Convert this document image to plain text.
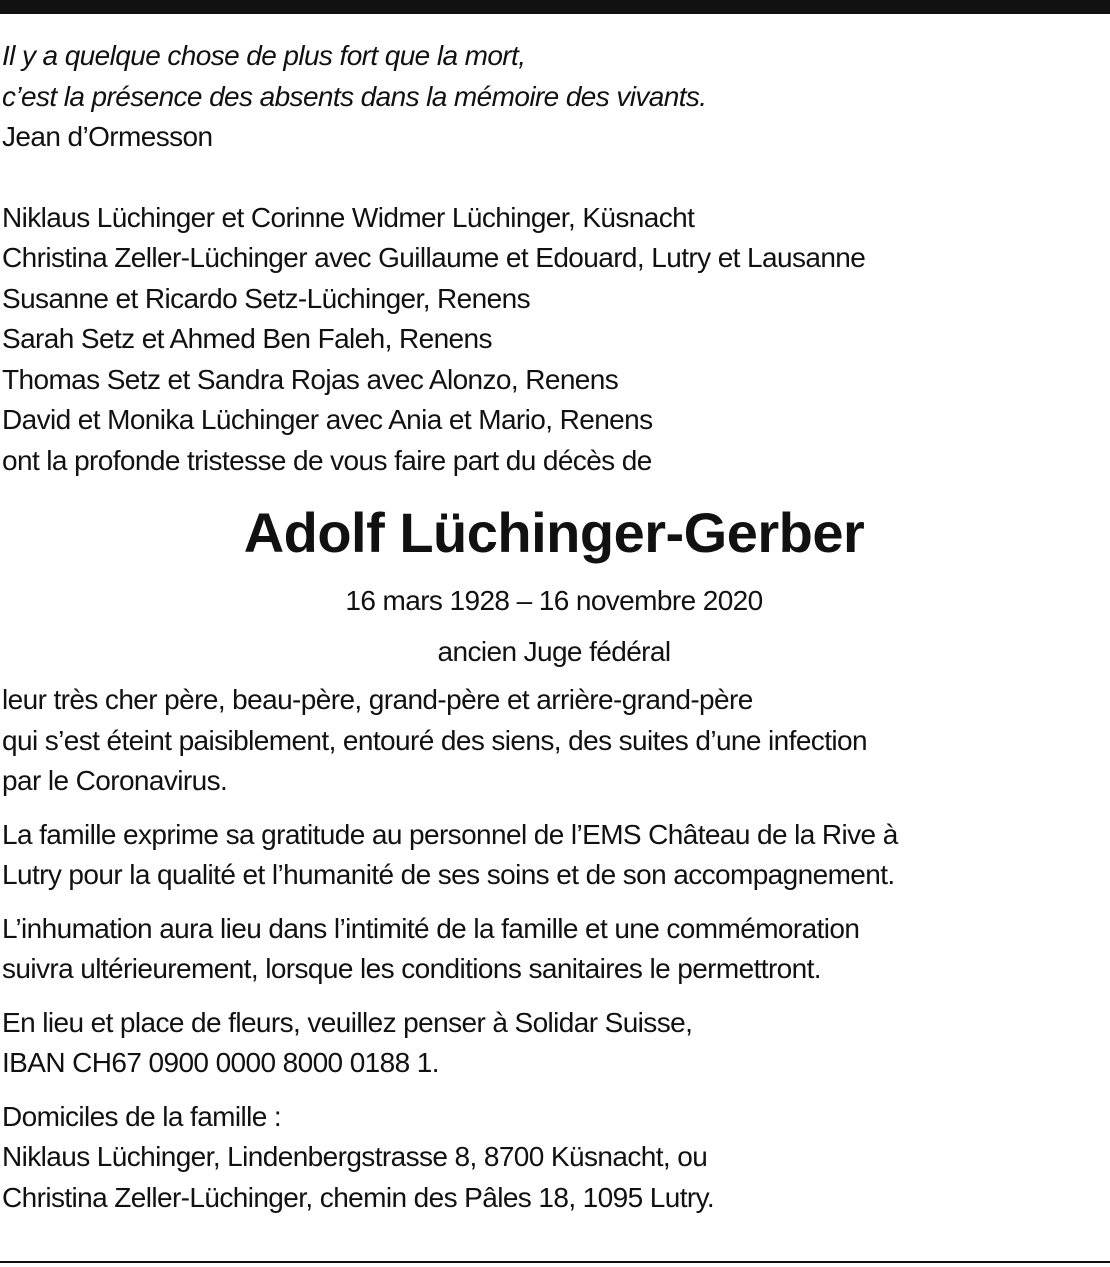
Il y a quelque chose de plus fort que la mort,
c’est la présence des absents dans la mémoire des vivants.
Jean d’Ormesson
Niklaus Lüchinger et Corinne Widmer Lüchinger, Küsnacht
Christina Zeller-Lüchinger avec Guillaume et Edouard, Lutry et Lausanne
Susanne et Ricardo Setz-Lüchinger, Renens
Sarah Setz et Ahmed Ben Faleh, Renens
Thomas Setz et Sandra Rojas avec Alonzo, Renens
David et Monika Lüchinger avec Ania et Mario, Renens

ont la profonde tristesse de vous faire part du décès de

Adolf Lüchinger-Gerber
16 mars 1928 – 16 novembre 2020
ancien Juge fédéral
leur très cher père, beau-père, grand-père et arrière-grand-père
qui s’est éteint paisiblement, entouré des siens, des suites d’une infection
par le Coronavirus.
La famille exprime sa gratitude au personnel de l’EMS Château de la Rive à
Lutry pour la qualité et l’humanité de ses soins et de son accompagnement.
L’inhumation aura lieu dans l’intimité de la famille et une commémoration
suivra ultérieurement, lorsque les conditions sanitaires le permettront.
En lieu et place de fleurs, veuillez penser à Solidar Suisse,
IBAN CH67 0900 0000 8000 0188 1.
Domiciles de la famille :
Niklaus Lüchinger, Lindenbergstrasse 8, 8700 Küsnacht, ou
Christina Zeller-Lüchinger, chemin des Pâles 18, 1095 Lutry.
